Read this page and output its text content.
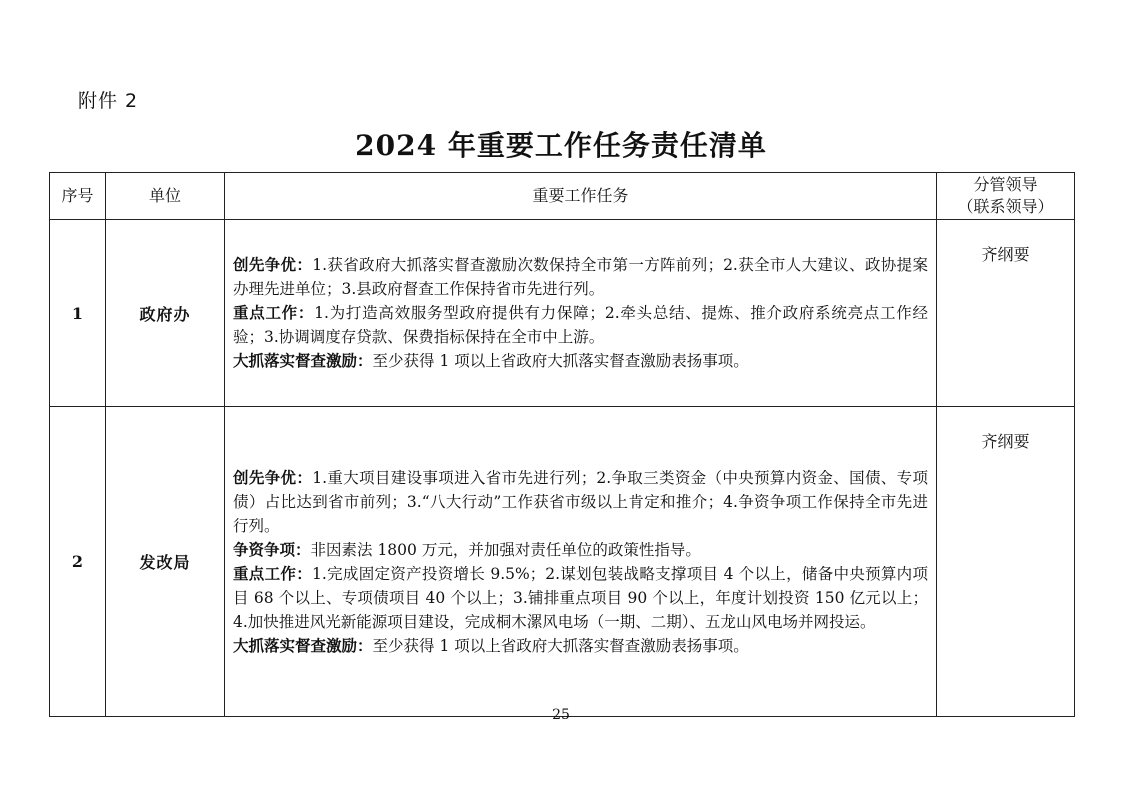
附件 2
2024 年重要工作任务责任清单
序号	单位	重要工作任务	分管领导
（联系领导）

1	政府办	创先争优：1.获省政府大抓落实督查激励次数保持全市第一方阵前列；2.获全市人大建议、政协提案办理先进单位；3.县政府督查工作保持省市先进行列。

重点工作：1.为打造高效服务型政府提供有力保障；2.牵头总结、提炼、推介政府系统亮点工作经验；3.协调调度存贷款、保费指标保持在全市中上游。

大抓落实督查激励：至少获得 1 项以上省政府大抓落实督查激励表扬事项。	齐纲要
2	发改局	创先争优：1.重大项目建设事项进入省市先进行列；2.争取三类资金（中央预算内资金、国债、专项债）占比达到省市前列；3.“八大行动”工作获省市级以上肯定和推介；4.争资争项工作保持全市先进行列。

争资争项：非因素法 1800 万元，并加强对责任单位的政策性指导。

重点工作：1.完成固定资产投资增长 9.5%；2.谋划包装战略支撑项目 4 个以上，储备中央预算内项目 68 个以上、专项债项目 40 个以上；3.铺排重点项目 90 个以上，年度计划投资 150 亿元以上；4.加快推进风光新能源项目建设，完成桐木漯风电场（一期、二期）、五龙山风电场并网投运。

大抓落实督查激励：至少获得 1 项以上省政府大抓落实督查激励表扬事项。	齐纲要
25
